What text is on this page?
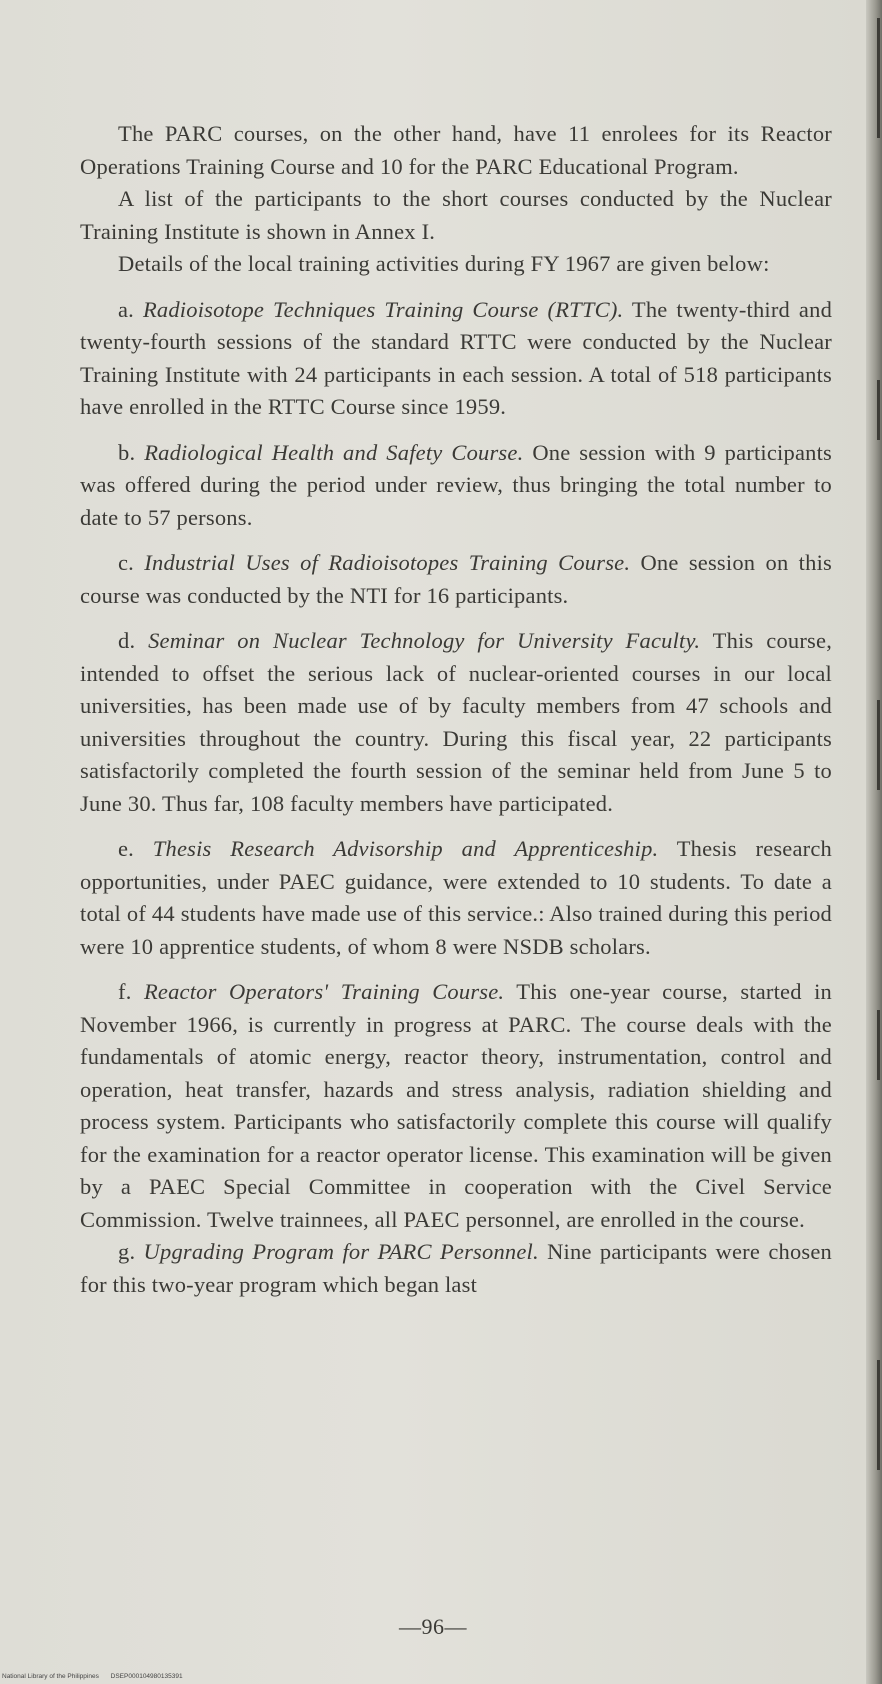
The PARC courses, on the other hand, have 11 enrolees for its Reactor Operations Training Course and 10 for the PARC Educational Program.

A list of the participants to the short courses conducted by the Nuclear Training Institute is shown in Annex I.

Details of the local training activities during FY 1967 are given below:

a. Radioisotope Techniques Training Course (RTTC). The twenty-third and twenty-fourth sessions of the standard RTTC were conducted by the Nuclear Training Institute with 24 participants in each session. A total of 518 participants have enrolled in the RTTC Course since 1959.

b. Radiological Health and Safety Course. One session with 9 participants was offered during the period under review, thus bringing the total number to date to 57 persons.

c. Industrial Uses of Radioisotopes Training Course. One session on this course was conducted by the NTI for 16 participants.

d. Seminar on Nuclear Technology for University Faculty. This course, intended to offset the serious lack of nuclear-oriented courses in our local universities, has been made use of by faculty members from 47 schools and universities throughout the country. During this fiscal year, 22 participants satisfactorily completed the fourth session of the seminar held from June 5 to June 30. Thus far, 108 faculty members have participated.

e. Thesis Research Advisorship and Apprenticeship. Thesis research opportunities, under PAEC guidance, were extended to 10 students. To date a total of 44 students have made use of this service.: Also trained during this period were 10 apprentice students, of whom 8 were NSDB scholars.

f. Reactor Operators' Training Course. This one-year course, started in November 1966, is currently in progress at PARC. The course deals with the fundamentals of atomic energy, reactor theory, instrumentation, control and operation, heat transfer, hazards and stress analysis, radiation shielding and process system. Participants who satisfactorily complete this course will qualify for the examination for a reactor operator license. This examination will be given by a PAEC Special Committee in cooperation with the Civel Service Commission. Twelve trainnees, all PAEC personnel, are enrolled in the course.

g. Upgrading Program for PARC Personnel. Nine participants were chosen for this two-year program which began last

—96—
National Library of the Philippines DSEP000104980135391
